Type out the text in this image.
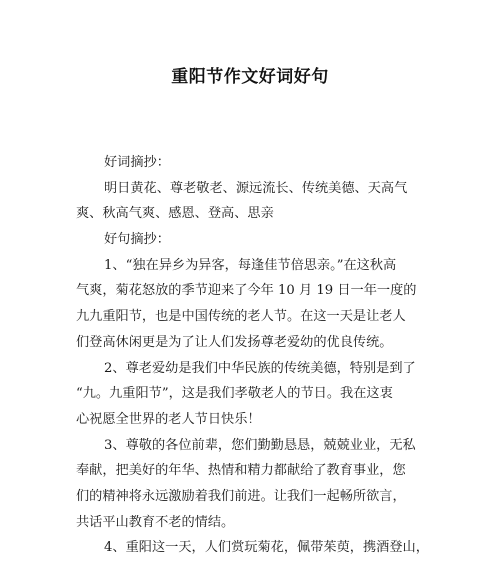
重阳节作文好词好句
好词摘抄：
明日黄花、尊老敬老、源远流长、传统美德、天高气
爽、秋高气爽、感恩、登高、思亲
好句摘抄：
1、“独在异乡为异客，每逢佳节倍思亲。”在这秋高
气爽，菊花怒放的季节迎来了今年 10 月 19 日一年一度的
九九重阳节，也是中国传统的老人节。在这一天是让老人
们登高休闲更是为了让人们发扬尊老爱幼的优良传统。
2、尊老爱幼是我们中华民族的传统美德，特别是到了
“九。九重阳节”，这是我们孝敬老人的节日。我在这衷
心祝愿全世界的老人节日快乐！
3、尊敬的各位前辈，您们勤勤恳恳，兢兢业业，无私
奉献，把美好的年华、热情和精力都献给了教育事业，您
们的精神将永远激励着我们前进。让我们一起畅所欲言，
共话平山教育不老的情结。
4、重阳这一天，人们赏玩菊花，佩带茱萸，携酒登山，
